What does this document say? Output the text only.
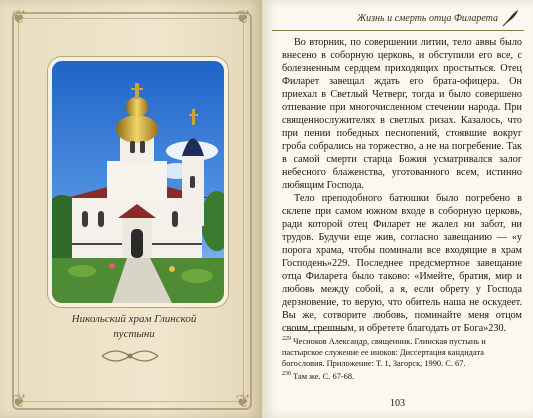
❦	❦
❦	❦
Никольский храм Глинской
пустыни
Жизнь и смерть отца Филарета

Во вторник, по совершении литии, тело аввы было внесено в соборную церковь, и обступили его все, с болезненным сердцем приходящих простыться. Отец Филарет завещал ждать его брата-офицера. Он приехал в Светлый Четверг, тогда и было совершено отпевание при многочисленном стечении народа. При священнослужителях в светлых ризах. Казалось, что при пении победных песнопений, стоявшие вокруг гроба собрались на торжество, а не на погребение. Так в самой смерти старца Божия усматривался залог небесного блаженства, уготованного всем, истинно любящим Господа.

Тело преподобного батюшки было погребено в склепе при самом южном входе в соборную церковь, ради которой отец Филарет не жалел ни забот, ни трудов. Будучи еще жив, согласно завещанию — «у порога храма, чтобы поминали все входящие в храм Господень»229. Последнее предсмертное завещание отца Филарета было таково: «Имейте, братия, мир и любовь между собой, а я, если обрету у Господа дерзновение, то верую, что обитель наша не оскудеет. Вы же, сотворите любовь, поминайте меня отцом своим, грешным, и обретете благодать от Бога»230.

$^{229}$ Чесноков Александр, священник. Глинская пустынь и пастырское служение ее иноков: Диссертация кандидата богословия. Приложение: Т. 1, Загорск, 1990. С. 67.

$^{230}$ Там же. С. 67-68.

103
